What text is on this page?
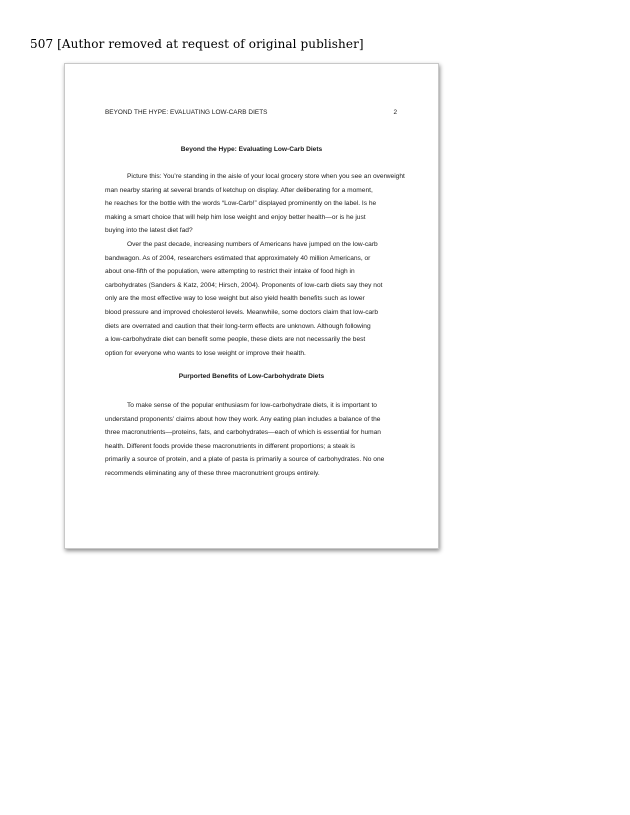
507 [Author removed at request of original publisher]
BEYOND THE HYPE: EVALUATING LOW-CARB DIETS	2
Beyond the Hype: Evaluating Low-Carb Diets
Picture this: You’re standing in the aisle of your local grocery store when you see an overweight
man nearby staring at several brands of ketchup on display. After deliberating for a moment,
he reaches for the bottle with the words “Low-Carb!” displayed prominently on the label. Is he
making a smart choice that will help him lose weight and enjoy better health—or is he just
buying into the latest diet fad?
Over the past decade, increasing numbers of Americans have jumped on the low-carb
bandwagon. As of 2004, researchers estimated that approximately 40 million Americans, or
about one-fifth of the population, were attempting to restrict their intake of food high in
carbohydrates (Sanders & Katz, 2004; Hirsch, 2004). Proponents of low-carb diets say they not
only are the most effective way to lose weight but also yield health benefits such as lower
blood pressure and improved cholesterol levels. Meanwhile, some doctors claim that low-carb
diets are overrated and caution that their long-term effects are unknown. Although following
a low-carbohydrate diet can benefit some people, these diets are not necessarily the best
option for everyone who wants to lose weight or improve their health.
Purported Benefits of Low-Carbohydrate Diets
To make sense of the popular enthusiasm for low-carbohydrate diets, it is important to
understand proponents’ claims about how they work. Any eating plan includes a balance of the
three macronutrients—proteins, fats, and carbohydrates—each of which is essential for human
health. Different foods provide these macronutrients in different proportions; a steak is
primarily a source of protein, and a plate of pasta is primarily a source of carbohydrates. No one
recommends eliminating any of these three macronutrient groups entirely.
